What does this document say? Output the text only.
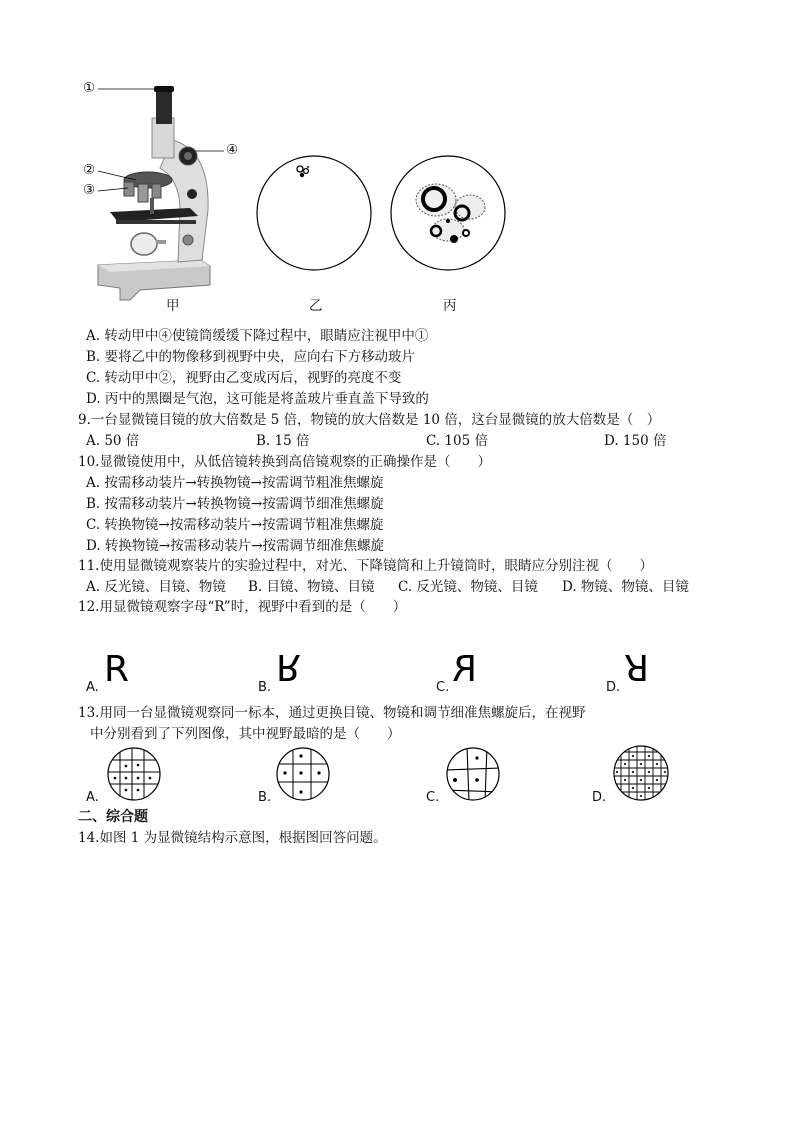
①
②
③
④
甲	乙	丙
A. 转动甲中④使镜筒缓缓下降过程中，眼睛应注视甲中①
B. 要将乙中的物像移到视野中央，应向右下方移动玻片
C. 转动甲中②，视野由乙变成丙后，视野的亮度不变
D. 丙中的黑圈是气泡，这可能是将盖玻片垂直盖下导致的
9.一台显微镜目镜的放大倍数是 5 倍，物镜的放大倍数是 10 倍，这台显微镜的放大倍数是（　）
A. 50 倍	B. 15 倍	C. 105 倍	D. 150 倍
10.显微镜使用中，从低倍镜转换到高倍镜观察的正确操作是（　　）
A. 按需移动装片→转换物镜→按需调节粗准焦螺旋
B. 按需移动装片→转换物镜→按需调节细准焦螺旋
C. 转换物镜→按需移动装片→按需调节粗准焦螺旋
D. 转换物镜→按需移动装片→按需调节细准焦螺旋
11.使用显微镜观察装片的实验过程中，对光、下降镜筒和上升镜筒时，眼睛应分别注视（　　）
A. 反光镜、目镜、物镜 B. 目镜、物镜、目镜 C. 反光镜、物镜、目镜 D. 物镜、物镜、目镜
12.用显微镜观察字母“R”时，视野中看到的是（　　）
A. R	B.
R
C. R	D.
R
13.用同一台显微镜观察同一标本，通过更换目镜、物镜和调节细准焦螺旋后，在视野
中分别看到了下列图像，其中视野最暗的是（　　）
A.	B.	C.	D.
二、综合题
14.如图 1 为显微镜结构示意图，根据图回答问题。
